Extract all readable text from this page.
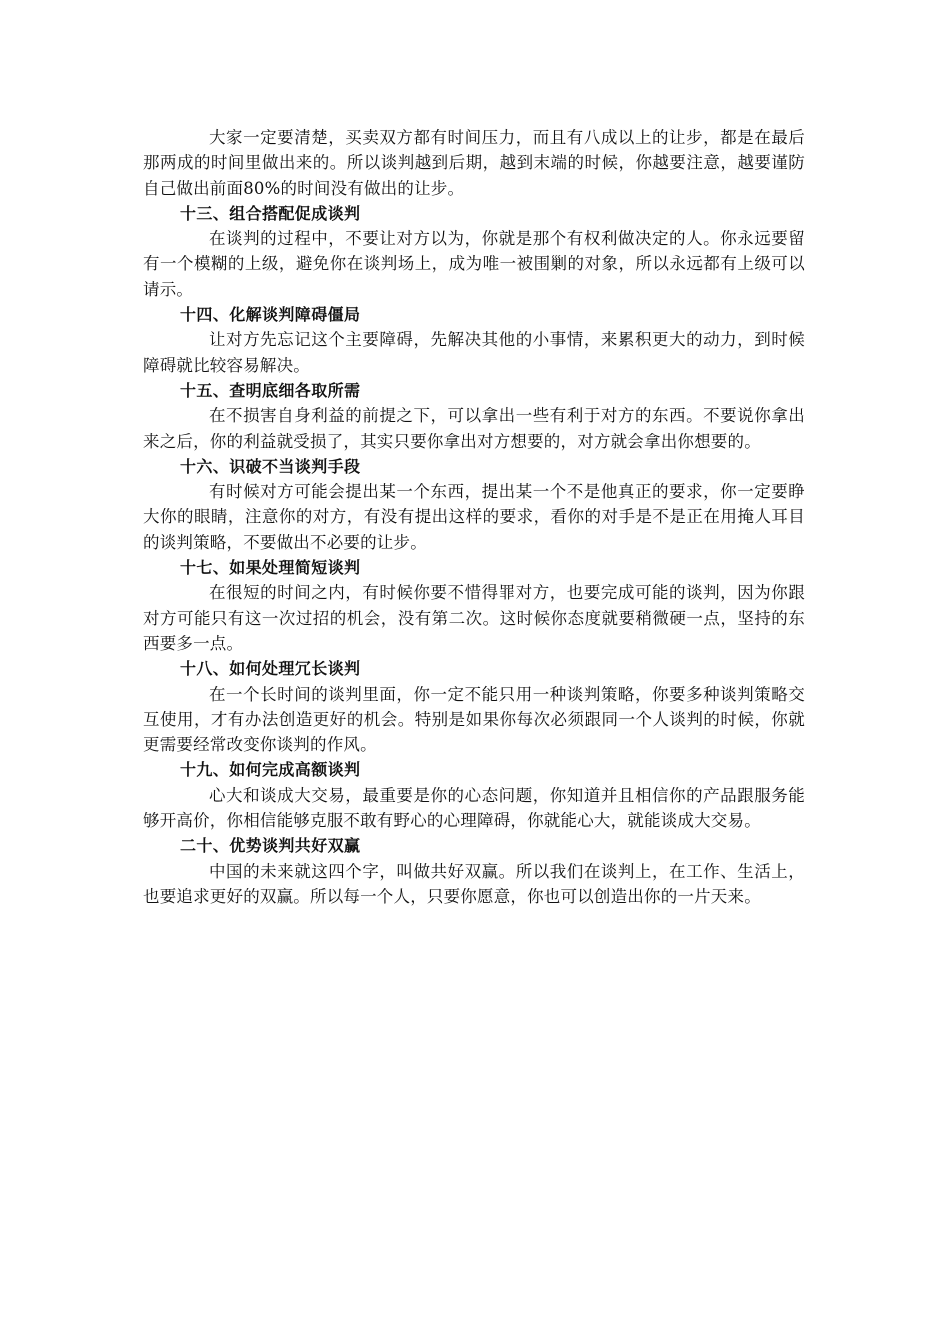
大家一定要清楚，买卖双方都有时间压力，而且有八成以上的让步，都是在最后那两成的时间里做出来的。所以谈判越到后期，越到末端的时候，你越要注意，越要谨防自己做出前面80%的时间没有做出的让步。

十三、组合搭配促成谈判

在谈判的过程中，不要让对方以为，你就是那个有权利做决定的人。你永远要留有一个模糊的上级，避免你在谈判场上，成为唯一被围剿的对象，所以永远都有上级可以请示。

十四、化解谈判障碍僵局

让对方先忘记这个主要障碍，先解决其他的小事情，来累积更大的动力，到时候障碍就比较容易解决。

十五、查明底细各取所需

在不损害自身利益的前提之下，可以拿出一些有利于对方的东西。不要说你拿出来之后，你的利益就受损了，其实只要你拿出对方想要的，对方就会拿出你想要的。

十六、识破不当谈判手段

有时候对方可能会提出某一个东西，提出某一个不是他真正的要求，你一定要睁大你的眼睛，注意你的对方，有没有提出这样的要求，看你的对手是不是正在用掩人耳目的谈判策略，不要做出不必要的让步。

十七、如果处理简短谈判

在很短的时间之内，有时候你要不惜得罪对方，也要完成可能的谈判，因为你跟对方可能只有这一次过招的机会，没有第二次。这时候你态度就要稍微硬一点，坚持的东西要多一点。

十八、如何处理冗长谈判

在一个长时间的谈判里面，你一定不能只用一种谈判策略，你要多种谈判策略交互使用，才有办法创造更好的机会。特别是如果你每次必须跟同一个人谈判的时候，你就更需要经常改变你谈判的作风。

十九、如何完成高额谈判

心大和谈成大交易，最重要是你的心态问题，你知道并且相信你的产品跟服务能够开高价，你相信能够克服不敢有野心的心理障碍，你就能心大，就能谈成大交易。

二十、优势谈判共好双赢

中国的未来就这四个字，叫做共好双赢。所以我们在谈判上，在工作、生活上，也要追求更好的双赢。所以每一个人，只要你愿意，你也可以创造出你的一片天来。
